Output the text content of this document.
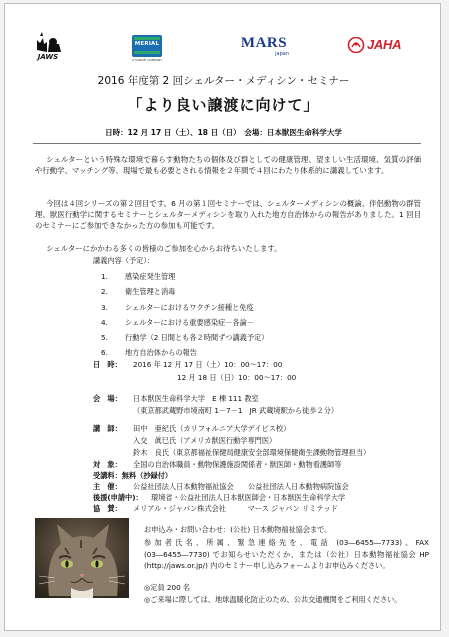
JAWS
MERIAL
A SANOFI COMPANY
MARS
japan
JAHA
2016 年度第 2 回シェルター・メディシン・セミナー
「より良い譲渡に向けて」
日時：12 月 17 日（土）、18 日（日）　会場：日本獣医生命科学大学
シェルターという特殊な環境で暮らす動物たちの個体及び群としての健康管理、望ましい生活環境、気質の評価や行動学、マッチング等、現場で最も必要とされる情報を２年間で４回にわたり体系的に講義しています。
今回は４回シリーズの第２回目です。6 月の第１回セミナーでは、シェルターメディシンの概論、伴侶動物の群管理、獣医行動学に関するセミナーとシェルターメディシンを取り入れた地方自治体からの報告がありました。1 回目のセミナーにご参加できなかった方の参加も可能です。
シェルターにかかわる多くの皆様のご参加を心からお待ちいたします。
講義内容（予定）：
1. 感染症発生管理
2. 衛生管理と消毒
3. シェルターにおけるワクチン接種と免疫
4. シェルターにおける重要感染症－各論－
5. 行動学（2 日間とも各２時間ずつ講義予定）
6. 地方自治体からの報告
日　時： 2016 年 12 月 17 日（土）10：00～17：00
12 月 18 日（日）10：00～17：00
会　場： 日本獣医生命科学大学　E 棟 111 教室
（東京都武蔵野市境南町 1－7－1　JR 武蔵境駅から徒歩２分）
講　師： 田中　亜紀氏（カリフォルニア大学デイビス校）
入交　眞巳氏（アメリカ獣医行動学専門医）
鈴木　良氏（東京都福祉保健局健康安全部環境保健衛生課動物管理担当）
対　象： 全国の自治体職員・動物保護施設関係者・獣医師・動物看護師等
受講料：無料（抄録付）
主　催： 公益社団法人日本動物福祉協会　　公益社団法人日本動物病院協会
後援(申請中)： 環境省・公益社団法人日本獣医師会・日本獣医生命科学大学
協　賛： メリアル・ジャパン株式会社　　　マース ジャパン リミテッド
お申込み・お問い合わせ：(公社) 日本動物福祉協会まで。
参加者氏名、所属、緊急連絡先を、電話 (03―6455―7733)、FAX (03―6455―7730) でお知らせいただくか、または（公社）日本動物福祉協会 HP (http://jaws.or.jp/) 内のセミナー申し込みフォームよりお申込みください。
◎定員 200 名
◎ご来場に際しては、地球温暖化防止のため、公共交通機関をご利用ください。
